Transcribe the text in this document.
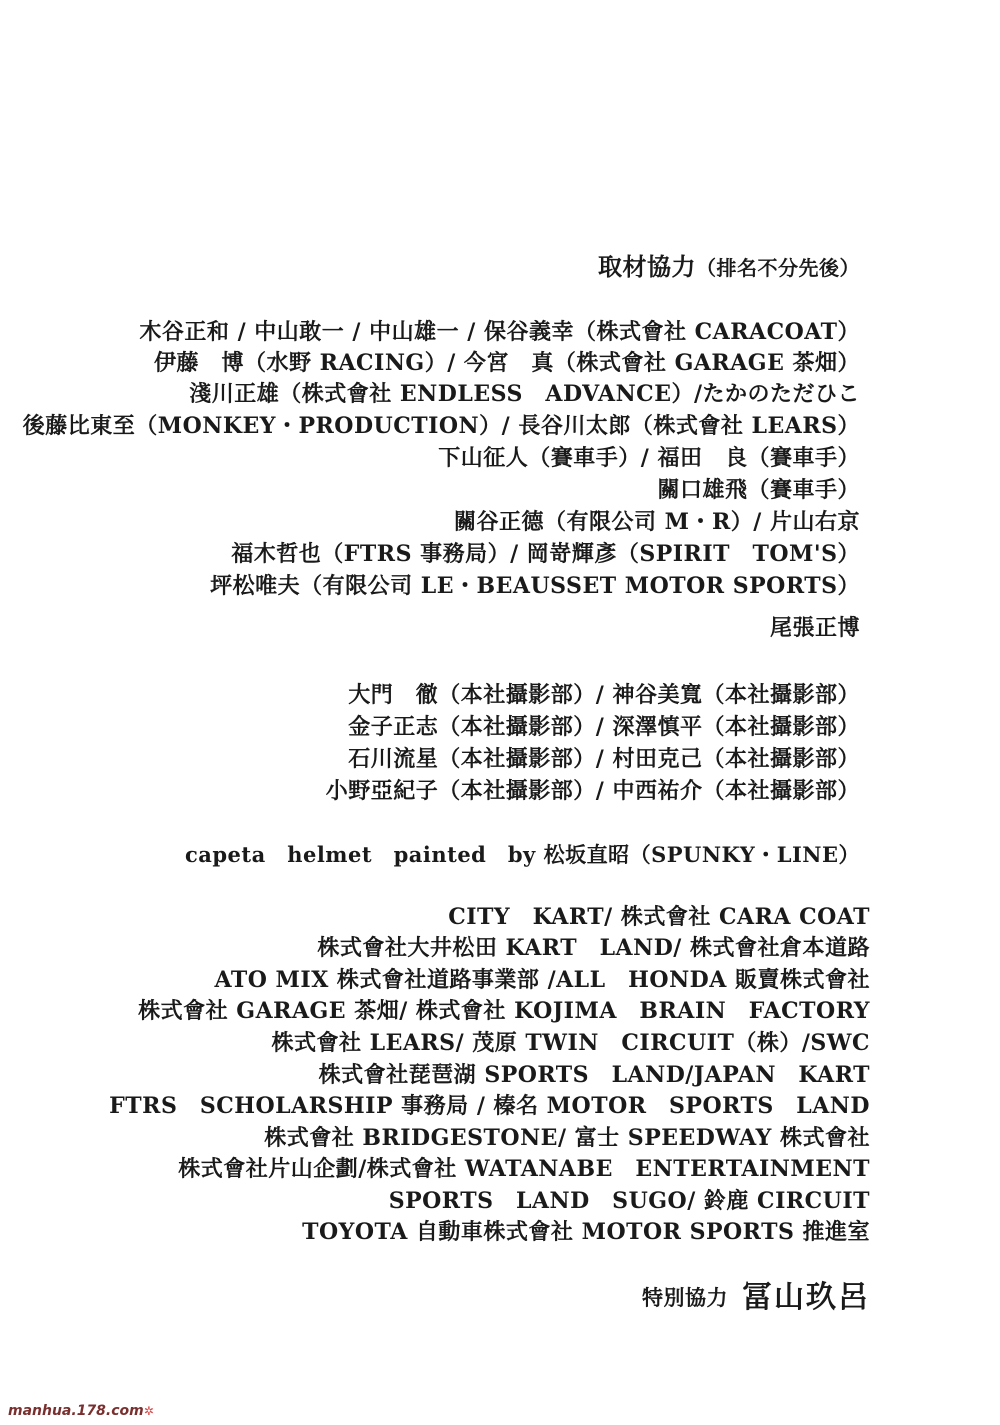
取材協力（排名不分先後）
木谷正和 / 中山敢一 / 中山雄一 / 保谷義幸（株式會社 CARACOAT）
伊藤　博（水野 RACING）/ 今宮　真（株式會社 GARAGE 茶畑）
淺川正雄（株式會社 ENDLESS　ADVANCE）/たかのただひこ
後藤比東至（MONKEY・PRODUCTION）/ 長谷川太郎（株式會社 LEARS）
下山征人（賽車手）/ 福田　良（賽車手）
關口雄飛（賽車手）
關谷正德（有限公司 M・R）/ 片山右京
福木哲也（FTRS 事務局）/ 岡嵜輝彥（SPIRIT　TOM'S）
坪松唯夫（有限公司 LE・BEAUSSET MOTOR SPORTS）
尾張正博
大門　徹（本社攝影部）/ 神谷美寬（本社攝影部）
金子正志（本社攝影部）/ 深澤慎平（本社攝影部）
石川流星（本社攝影部）/ 村田克己（本社攝影部）
小野亞紀子（本社攝影部）/ 中西祐介（本社攝影部）
capeta　helmet　painted　by 松坂直昭（SPUNKY・LINE）
CITY　KART/ 株式會社 CARA COAT
株式會社大井松田 KART　LAND/ 株式會社倉本道路
ATO MIX 株式會社道路事業部 /ALL　HONDA 販賣株式會社
株式會社 GARAGE 茶畑/ 株式會社 KOJIMA　BRAIN　FACTORY
株式會社 LEARS/ 茂原 TWIN　CIRCUIT（株）/SWC
株式會社琵琶湖 SPORTS　LAND/JAPAN　KART
FTRS　SCHOLARSHIP 事務局 / 榛名 MOTOR　SPORTS　LAND
株式會社 BRIDGESTONE/ 富士 SPEEDWAY 株式會社
株式會社片山企劃/株式會社 WATANABE　ENTERTAINMENT
SPORTS　LAND　SUGO/ 鈴鹿 CIRCUIT
TOYOTA 自動車株式會社 MOTOR SPORTS 推進室
特別協力 冨山玖呂
manhua.178.com✲
